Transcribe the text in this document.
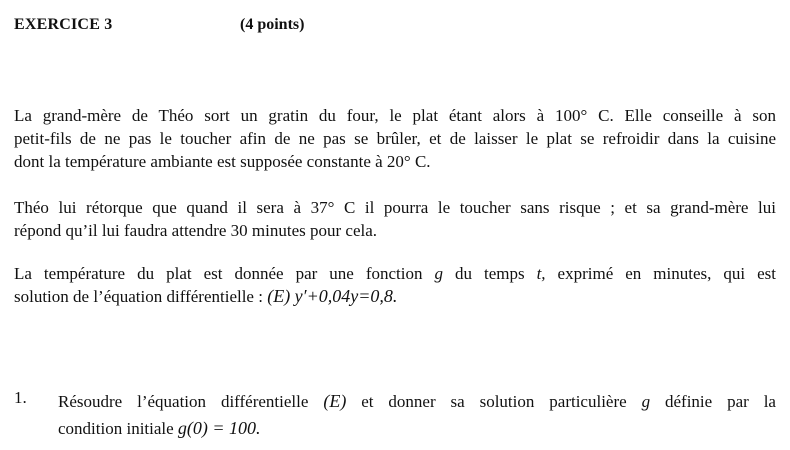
EXERCICE 3	(4 points)
La grand-mère de Théo sort un gratin du four, le plat étant alors à 100° C. Elle conseille à son
petit-fils de ne pas le toucher afin de ne pas se brûler, et de laisser le plat se refroidir dans la cuisine
dont la température ambiante est supposée constante à 20° C.
Théo lui rétorque que quand il sera à 37° C il pourra le toucher sans risque ; et sa grand-mère lui
répond qu’il lui faudra attendre 30 minutes pour cela.
La température du plat est donnée par une fonction g du temps t, exprimé en minutes, qui est
solution de l’équation différentielle : (E) y′+0,04y=0,8.
1. Résoudre l’équation différentielle (E) et donner sa solution particulière g définie par la
condition initiale g(0) = 100.
